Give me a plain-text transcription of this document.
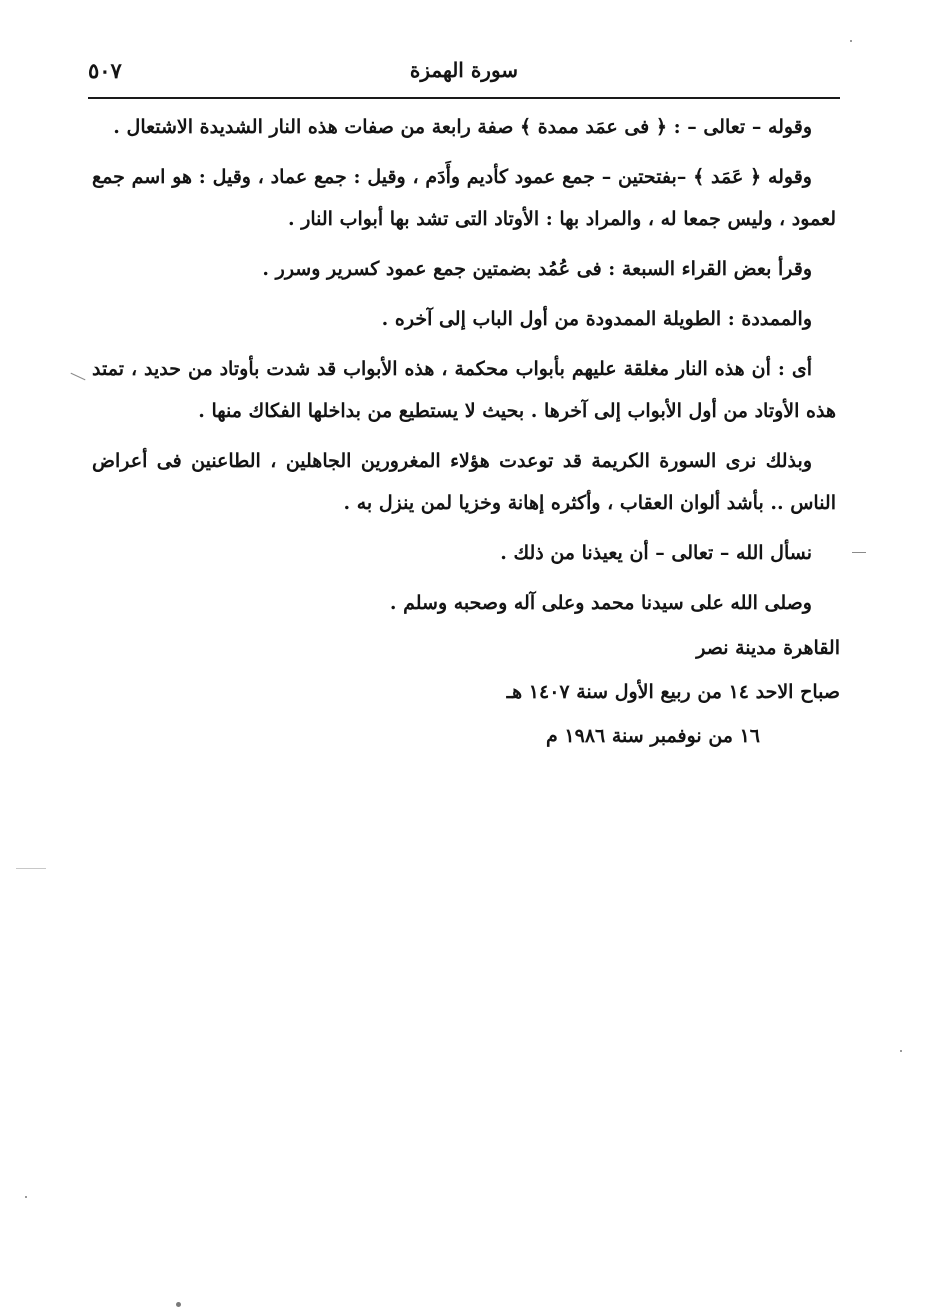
٥٠٧	سورة الهمزة

وقوله – تعالى – : ﴿ فى عمَد ممدة ﴾ صفة رابعة من صفات هذه النار الشديدة الاشتعال .

وقوله ﴿ عَمَد ﴾ –بفتحتين – جمع عمود كأديم وأَدَم ، وقيل : جمع عماد ، وقيل : هو اسم جمع لعمود ، وليس جمعا له ، والمراد بها : الأوتاد التى تشد بها أبواب النار .

وقرأ بعض القراء السبعة : فى عُمُد بضمتين جمع عمود كسرير وسرر .

والممددة : الطويلة الممدودة من أول الباب إلى آخره .

أى : أن هذه النار مغلقة عليهم بأبواب محكمة ، هذه الأبواب قد شدت بأوتاد من حديد ، تمتد هذه الأوتاد من أول الأبواب إلى آخرها . بحيث لا يستطيع من بداخلها الفكاك منها .

وبذلك نرى السورة الكريمة قد توعدت هؤلاء المغرورين الجاهلين ، الطاعنين فى أعراض الناس .. بأشد ألوان العقاب ، وأكثره إهانة وخزيا لمن ينزل به .

نسأل الله – تعالى – أن يعيذنا من ذلك .

وصلى الله على سيدنا محمد وعلى آله وصحبه وسلم .

القاهرة مدينة نصر
صباح الاحد ١٤ من ربيع الأول سنة ١٤٠٧ هـ
١٦ من نوفمبر سنة ١٩٨٦ م
